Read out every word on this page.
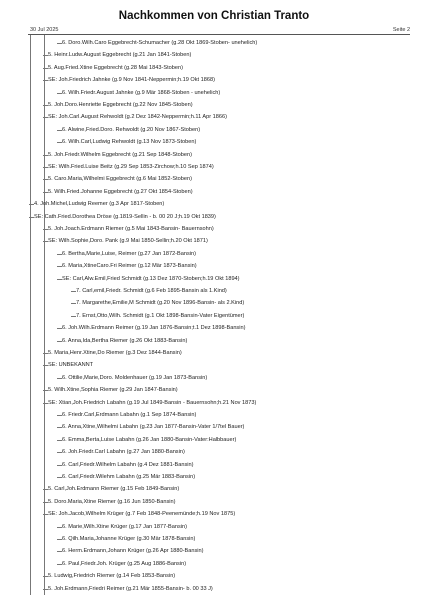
Nachkommen von Christian Tranto
30 Jul 2025	Seite 2
6. Doro.Wilh.Caro Eggebrecht-Schumacher (g.28 Okt 1869-Stoben- unehelich)
5. Heinr.Ludw.August Eggebrecht (g.21 Jan 1841-Stoben)
5. Aug.Fried.Xtine Eggebrecht (g.28 Mai 1843-Stoben)
SE: Joh.Friedrich Jahnke (g.9 Nov 1841-Neppermin;h.19 Okt 1868)
6. Wilh.Friedr.August Jahnke (g.9 Mär 1868-Stoben - unehelich)
5. Joh.Doro.Henriette Eggebrecht (g.22 Nov 1845-Stoben)
SE: Joh.Carl.August Rehwoldt (g.2 Dez 1842-Neppermin;h.11 Apr 1866)
6. Alwine,Fried.Doro. Rehwoldt (g.20 Nov 1867-Stoben)
6. Wilh.Carl,Ludwig Rehwoldt (g.13 Nov 1873-Stoben)
5. Joh.Friedr.Wilhelm Eggebrecht (g.21 Sep 1848-Stoben)
SE: Wilh.Fried.Luise Beitz (g.29 Sep 1853-Zirchow;h.10 Sep 1874)
5. Caro.Maria,Wilhelmi Eggebrecht (g.6 Mai 1852-Stoben)
5. Wilh.Fried.Johanne Eggebrecht (g.27 Okt 1854-Stoben)
4. Joh.Michel,Ludwig Reemer (g.3 Apr 1817-Stoben)
SE: Cath.Fried.Dorothea Dröse (g.1819-Sellin - b. 00 20 J;h.19 Okt 1839)
5. Joh.Joach.Erdmann Riemer (g.5 Mai 1843-Bansin- Bauernsohn)
SE: Wilh.Sophie,Doro. Pank (g.9 Mai 1850-Sellin;h.20 Okt 1871)
6. Bertha,Marie,Luise, Reimer (g.27 Jan 1872-Bansin)
6. Maria,XtineCaro.Fri Reimer (g.12 Mär 1873-Bansin)
SE: Carl,Alw.Emil,Fried Schmidt (g.13 Dez 1870-Stoben;h.19 Okt 1894)
7. Carl,emil,Friedr. Schmidt (g.6 Feb 1895-Bansin als 1.Kind)
7. Margarethe,Emilie,M Schmidt (g.20 Nov 1896-Bansin- als 2.Kind)
7. Ernst,Otto,Wilh. Schmidt (g.1 Okt 1898-Bansin-Vater Eigentümer)
6. Joh.Wilh.Erdmann Reimer (g.19 Jan 1876-Bansin;t.1 Dez 1898-Bansin)
6. Anna,Ida,Bertha Riemer (g.26 Okt 1883-Bansin)
5. Maria,Henr.Xtine,Do Riemer (g.3 Dez 1844-Bansin)
SE: UNBEKANNT
6. Ottilie,Marie,Doro. Moldenhauer (g.19 Jan 1873-Bansin)
5. Wilh.Xtine,Sophia Riemer (g.29 Jan 1847-Bansin)
SE: Xtian,Joh.Friedrich Labahn (g.19 Jul 1849-Bansin - Bauernsohn;h.21 Nov 1873)
6. Friedr.Carl,Erdmann Labahn (g.1 Sep 1874-Bansin)
6. Anna,Xtine,Wilhelmi Labahn (g.23 Jan 1877-Bansin-Vater 1/7tel Bauer)
6. Emma,Berta,Luise Labahn (g.26 Jan 1880-Bansin-Vater:Halbbauer)
6. Joh.Friedr.Carl Labahn (g.27 Jan 1880-Bansin)
6. Carl,Friedr.Wilhelm Labahn (g.4 Dez 1881-Bansin)
6. Carl,Friedr.Wilehm Labahn (g.25 Mär 1883-Bansin)
5. Carl,Joh.Erdmann Riemer (g.15 Feb 1849-Bansin)
5. Doro.Maria,Xtine Riemer (g.16 Jun 1850-Bansin)
SE: Joh.Jacob,Wilhelm Krüger (g.7 Feb 1848-Peenemünde;h.19 Nov 1875)
6. Marie,Wilh.Xtine Krüger (g.17 Jan 1877-Bansin)
6. Qilh.Maria,Johanne Krüger (g.30 Mär 1878-Bansin)
6. Herm.Erdmann,Johann Krüger (g.26 Apr 1880-Bansin)
6. Paul,Friedr.Joh. Krüger (g.25 Aug 1886-Bansin)
5. Ludwig,Friedrich Riemer (g.14 Feb 1853-Bansin)
5. Joh.Erdmann,Friedri Reimer (g.21 Mär 1855-Bansin- b. 00 33 J)
